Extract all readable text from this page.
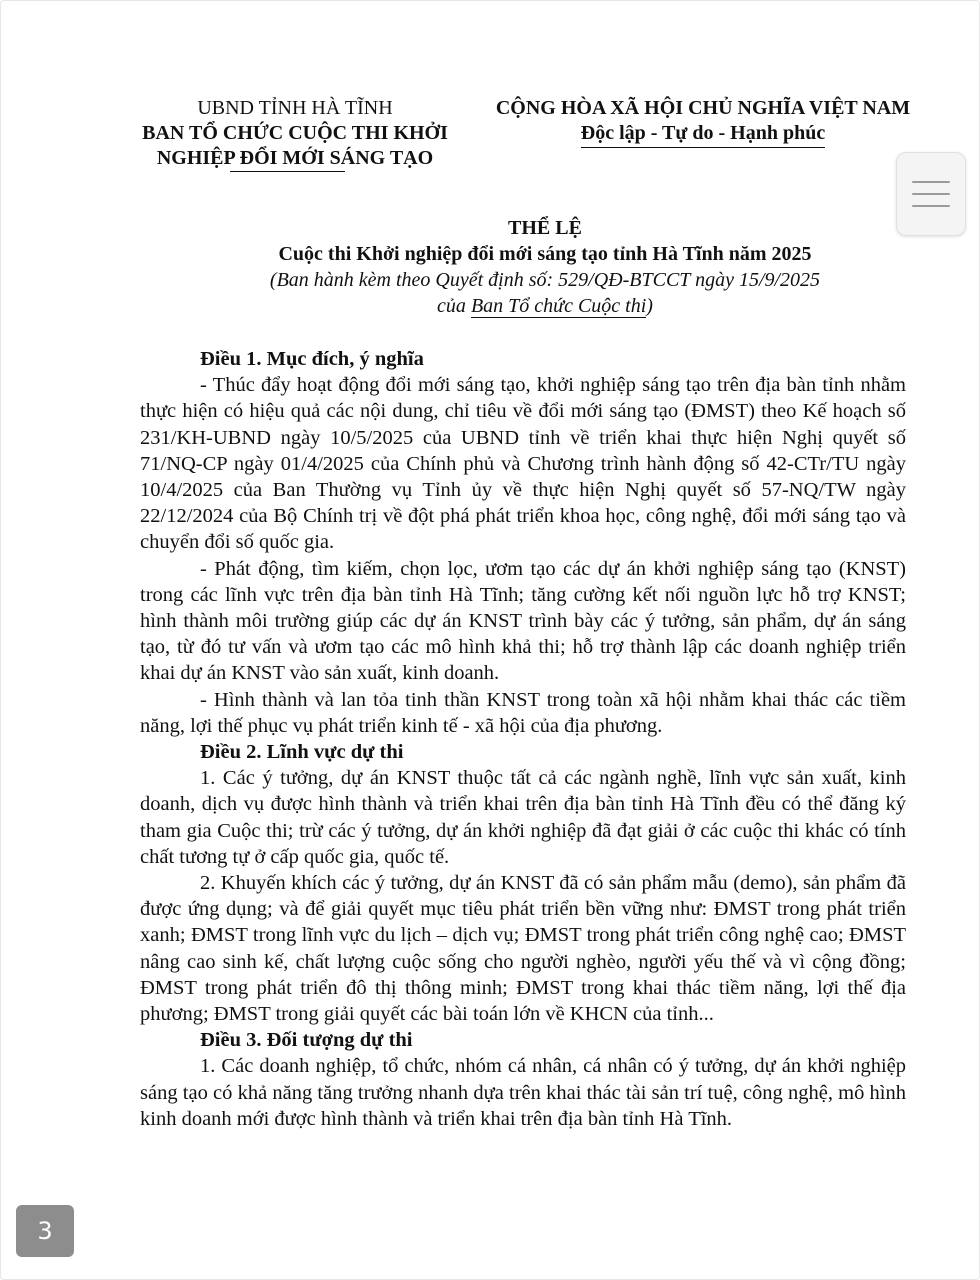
UBND TỈNH HÀ TĨNH
BAN TỔ CHỨC CUỘC THI KHỞI
NGHIỆP ĐỔI MỚI SÁNG TẠO
CỘNG HÒA XÃ HỘI CHỦ NGHĨA VIỆT NAM
Độc lập - Tự do - Hạnh phúc
THỂ LỆ
Cuộc thi Khởi nghiệp đổi mới sáng tạo tỉnh Hà Tĩnh năm 2025
(Ban hành kèm theo Quyết định số: 529/QĐ-BTCCT ngày 15/9/2025
của Ban Tổ chức Cuộc thi)
Điều 1. Mục đích, ý nghĩa

- Thúc đẩy hoạt động đổi mới sáng tạo, khởi nghiệp sáng tạo trên địa bàn tỉnh nhằm thực hiện có hiệu quả các nội dung, chỉ tiêu về đổi mới sáng tạo (ĐMST) theo Kế hoạch số 231/KH-UBND ngày 10/5/2025 của UBND tỉnh về triển khai thực hiện Nghị quyết số 71/NQ-CP ngày 01/4/2025 của Chính phủ và Chương trình hành động số 42-CTr/TU ngày 10/4/2025 của Ban Thường vụ Tỉnh ủy về thực hiện Nghị quyết số 57-NQ/TW ngày 22/12/2024 của Bộ Chính trị về đột phá phát triển khoa học, công nghệ, đổi mới sáng tạo và chuyển đổi số quốc gia.

- Phát động, tìm kiếm, chọn lọc, ươm tạo các dự án khởi nghiệp sáng tạo (KNST) trong các lĩnh vực trên địa bàn tỉnh Hà Tĩnh; tăng cường kết nối nguồn lực hỗ trợ KNST; hình thành môi trường giúp các dự án KNST trình bày các ý tưởng, sản phẩm, dự án sáng tạo, từ đó tư vấn và ươm tạo các mô hình khả thi; hỗ trợ thành lập các doanh nghiệp triển khai dự án KNST vào sản xuất, kinh doanh.

- Hình thành và lan tỏa tinh thần KNST trong toàn xã hội nhằm khai thác các tiềm năng, lợi thế phục vụ phát triển kinh tế - xã hội của địa phương.

Điều 2. Lĩnh vực dự thi

1. Các ý tưởng, dự án KNST thuộc tất cả các ngành nghề, lĩnh vực sản xuất, kinh doanh, dịch vụ được hình thành và triển khai trên địa bàn tỉnh Hà Tĩnh đều có thể đăng ký tham gia Cuộc thi; trừ các ý tưởng, dự án khởi nghiệp đã đạt giải ở các cuộc thi khác có tính chất tương tự ở cấp quốc gia, quốc tế.

2. Khuyến khích các ý tưởng, dự án KNST đã có sản phẩm mẫu (demo), sản phẩm đã được ứng dụng; và để giải quyết mục tiêu phát triển bền vững như: ĐMST trong phát triển xanh; ĐMST trong lĩnh vực du lịch – dịch vụ; ĐMST trong phát triển công nghệ cao; ĐMST nâng cao sinh kế, chất lượng cuộc sống cho người nghèo, người yếu thế và vì cộng đồng; ĐMST trong phát triển đô thị thông minh; ĐMST trong khai thác tiềm năng, lợi thế địa phương; ĐMST trong giải quyết các bài toán lớn về KHCN của tỉnh...

Điều 3. Đối tượng dự thi

1. Các doanh nghiệp, tổ chức, nhóm cá nhân, cá nhân có ý tưởng, dự án khởi nghiệp sáng tạo có khả năng tăng trưởng nhanh dựa trên khai thác tài sản trí tuệ, công nghệ, mô hình kinh doanh mới được hình thành và triển khai trên địa bàn tỉnh Hà Tĩnh.

3
